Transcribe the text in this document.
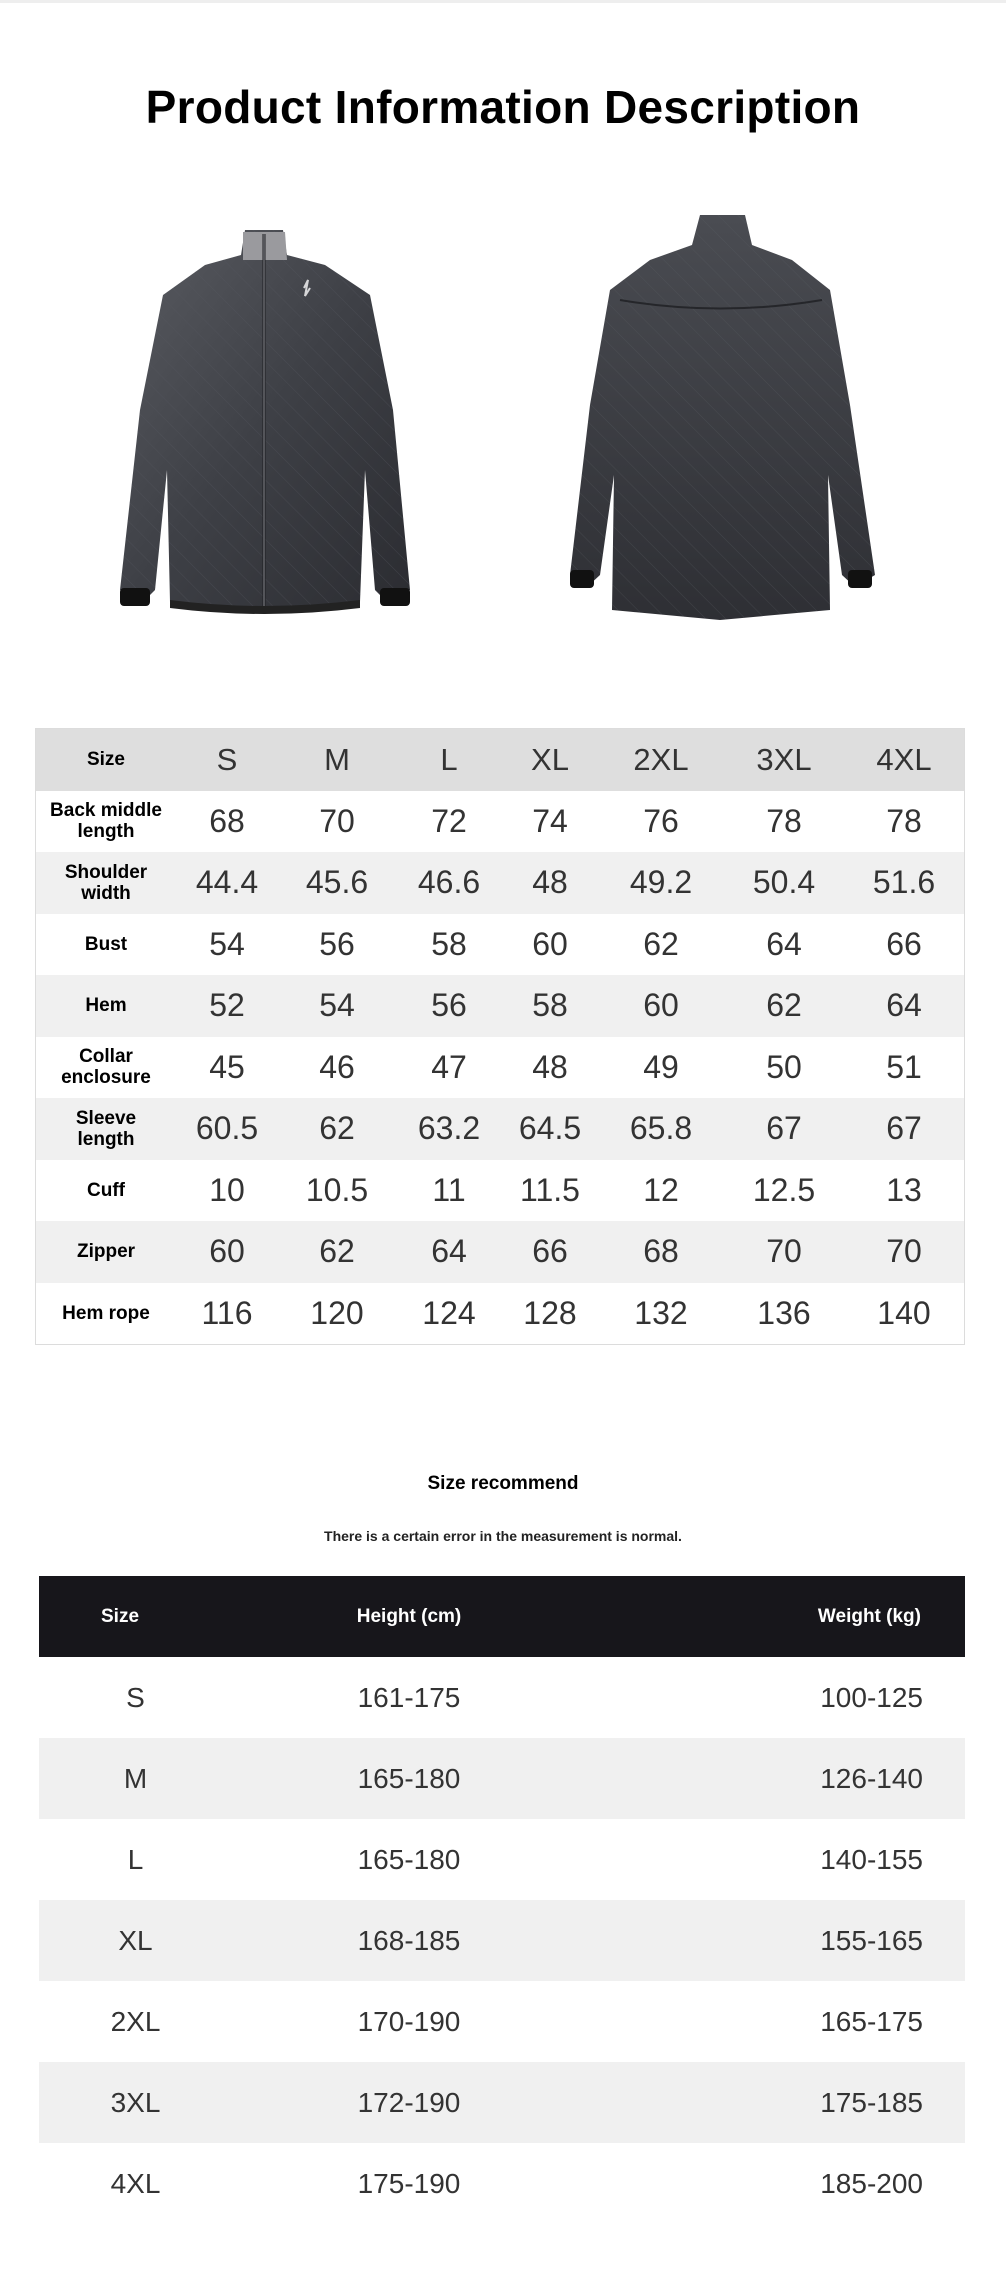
Product Information Description
Size	S	M	L	XL	2XL	3XL	4XL
Back middle
length	68	70	72	74	76	78	78
Shoulder
width	44.4	45.6	46.6	48	49.2	50.4	51.6
Bust	54	56	58	60	62	64	66
Hem	52	54	56	58	60	62	64
Collar
enclosure	45	46	47	48	49	50	51
Sleeve
length	60.5	62	63.2	64.5	65.8	67	67
Cuff	10	10.5	11	11.5	12	12.5	13
Zipper	60	62	64	66	68	70	70
Hem rope	116	120	124	128	132	136	140
Size recommend
There is a certain error in the measurement is normal.
Size	Height (cm)	Weight (kg)
S	161-175	100-125
M	165-180	126-140
L	165-180	140-155
XL	168-185	155-165
2XL	170-190	165-175
3XL	172-190	175-185
4XL	175-190	185-200
